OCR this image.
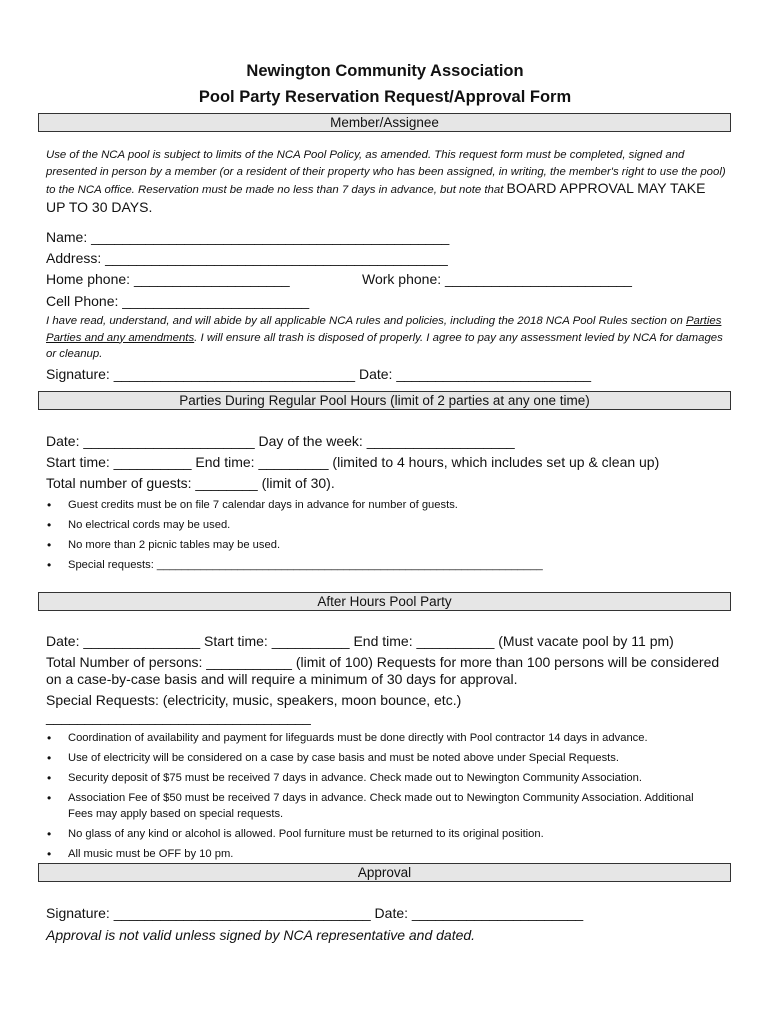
Newington Community Association
Pool Party Reservation Request/Approval Form
Member/Assignee
Use of the NCA pool is subject to limits of the NCA Pool Policy, as amended. This request form must be completed, signed and presented in person by a member (or a resident of their property who has been assigned, in writing, the member's right to use the pool) to the NCA office. Reservation must be made no less than 7 days in advance, but note that BOARD APPROVAL MAY TAKE UP TO 30 DAYS.
Name: ______________________________________________
Address: ____________________________________________
Home phone: ____________________	Work phone: ________________________
Cell Phone: ________________________
I have read, understand, and will abide by all applicable NCA rules and policies, including the 2018 NCA Pool Rules section on Parties Parties and any amendments. I will ensure all trash is disposed of properly. I agree to pay any assessment levied by NCA for damages or cleanup.
Signature: _______________________________ Date: _________________________
Parties During Regular Pool Hours (limit of 2 parties at any one time)
Date: ______________________ Day of the week: ___________________
Start time: __________ End time: _________ (limited to 4 hours, which includes set up & clean up)
Total number of guests: ________ (limit of 30).
• Guest credits must be on file 7 calendar days in advance for number of guests.
• No electrical cords may be used.
• No more than 2 picnic tables may be used.
• Special requests: ______________________________________________________________
After Hours Pool Party
Date: _______________ Start time: __________ End time: __________ (Must vacate pool by 11 pm)
Total Number of persons: ___________ (limit of 100) Requests for more than 100 persons will be considered on a case-by-case basis and will require a minimum of 30 days for approval.
Special Requests: (electricity, music, speakers, moon bounce, etc.)
__________________________________
• Coordination of availability and payment for lifeguards must be done directly with Pool contractor 14 days in advance.
• Use of electricity will be considered on a case by case basis and must be noted above under Special Requests.
• Security deposit of $75 must be received 7 days in advance. Check made out to Newington Community Association.
• Association Fee of $50 must be received 7 days in advance. Check made out to Newington Community Association. Additional Fees may apply based on special requests.
• No glass of any kind or alcohol is allowed. Pool furniture must be returned to its original position.
• All music must be OFF by 10 pm.
Approval
Signature: _________________________________ Date: ______________________
Approval is not valid unless signed by NCA representative and dated.
